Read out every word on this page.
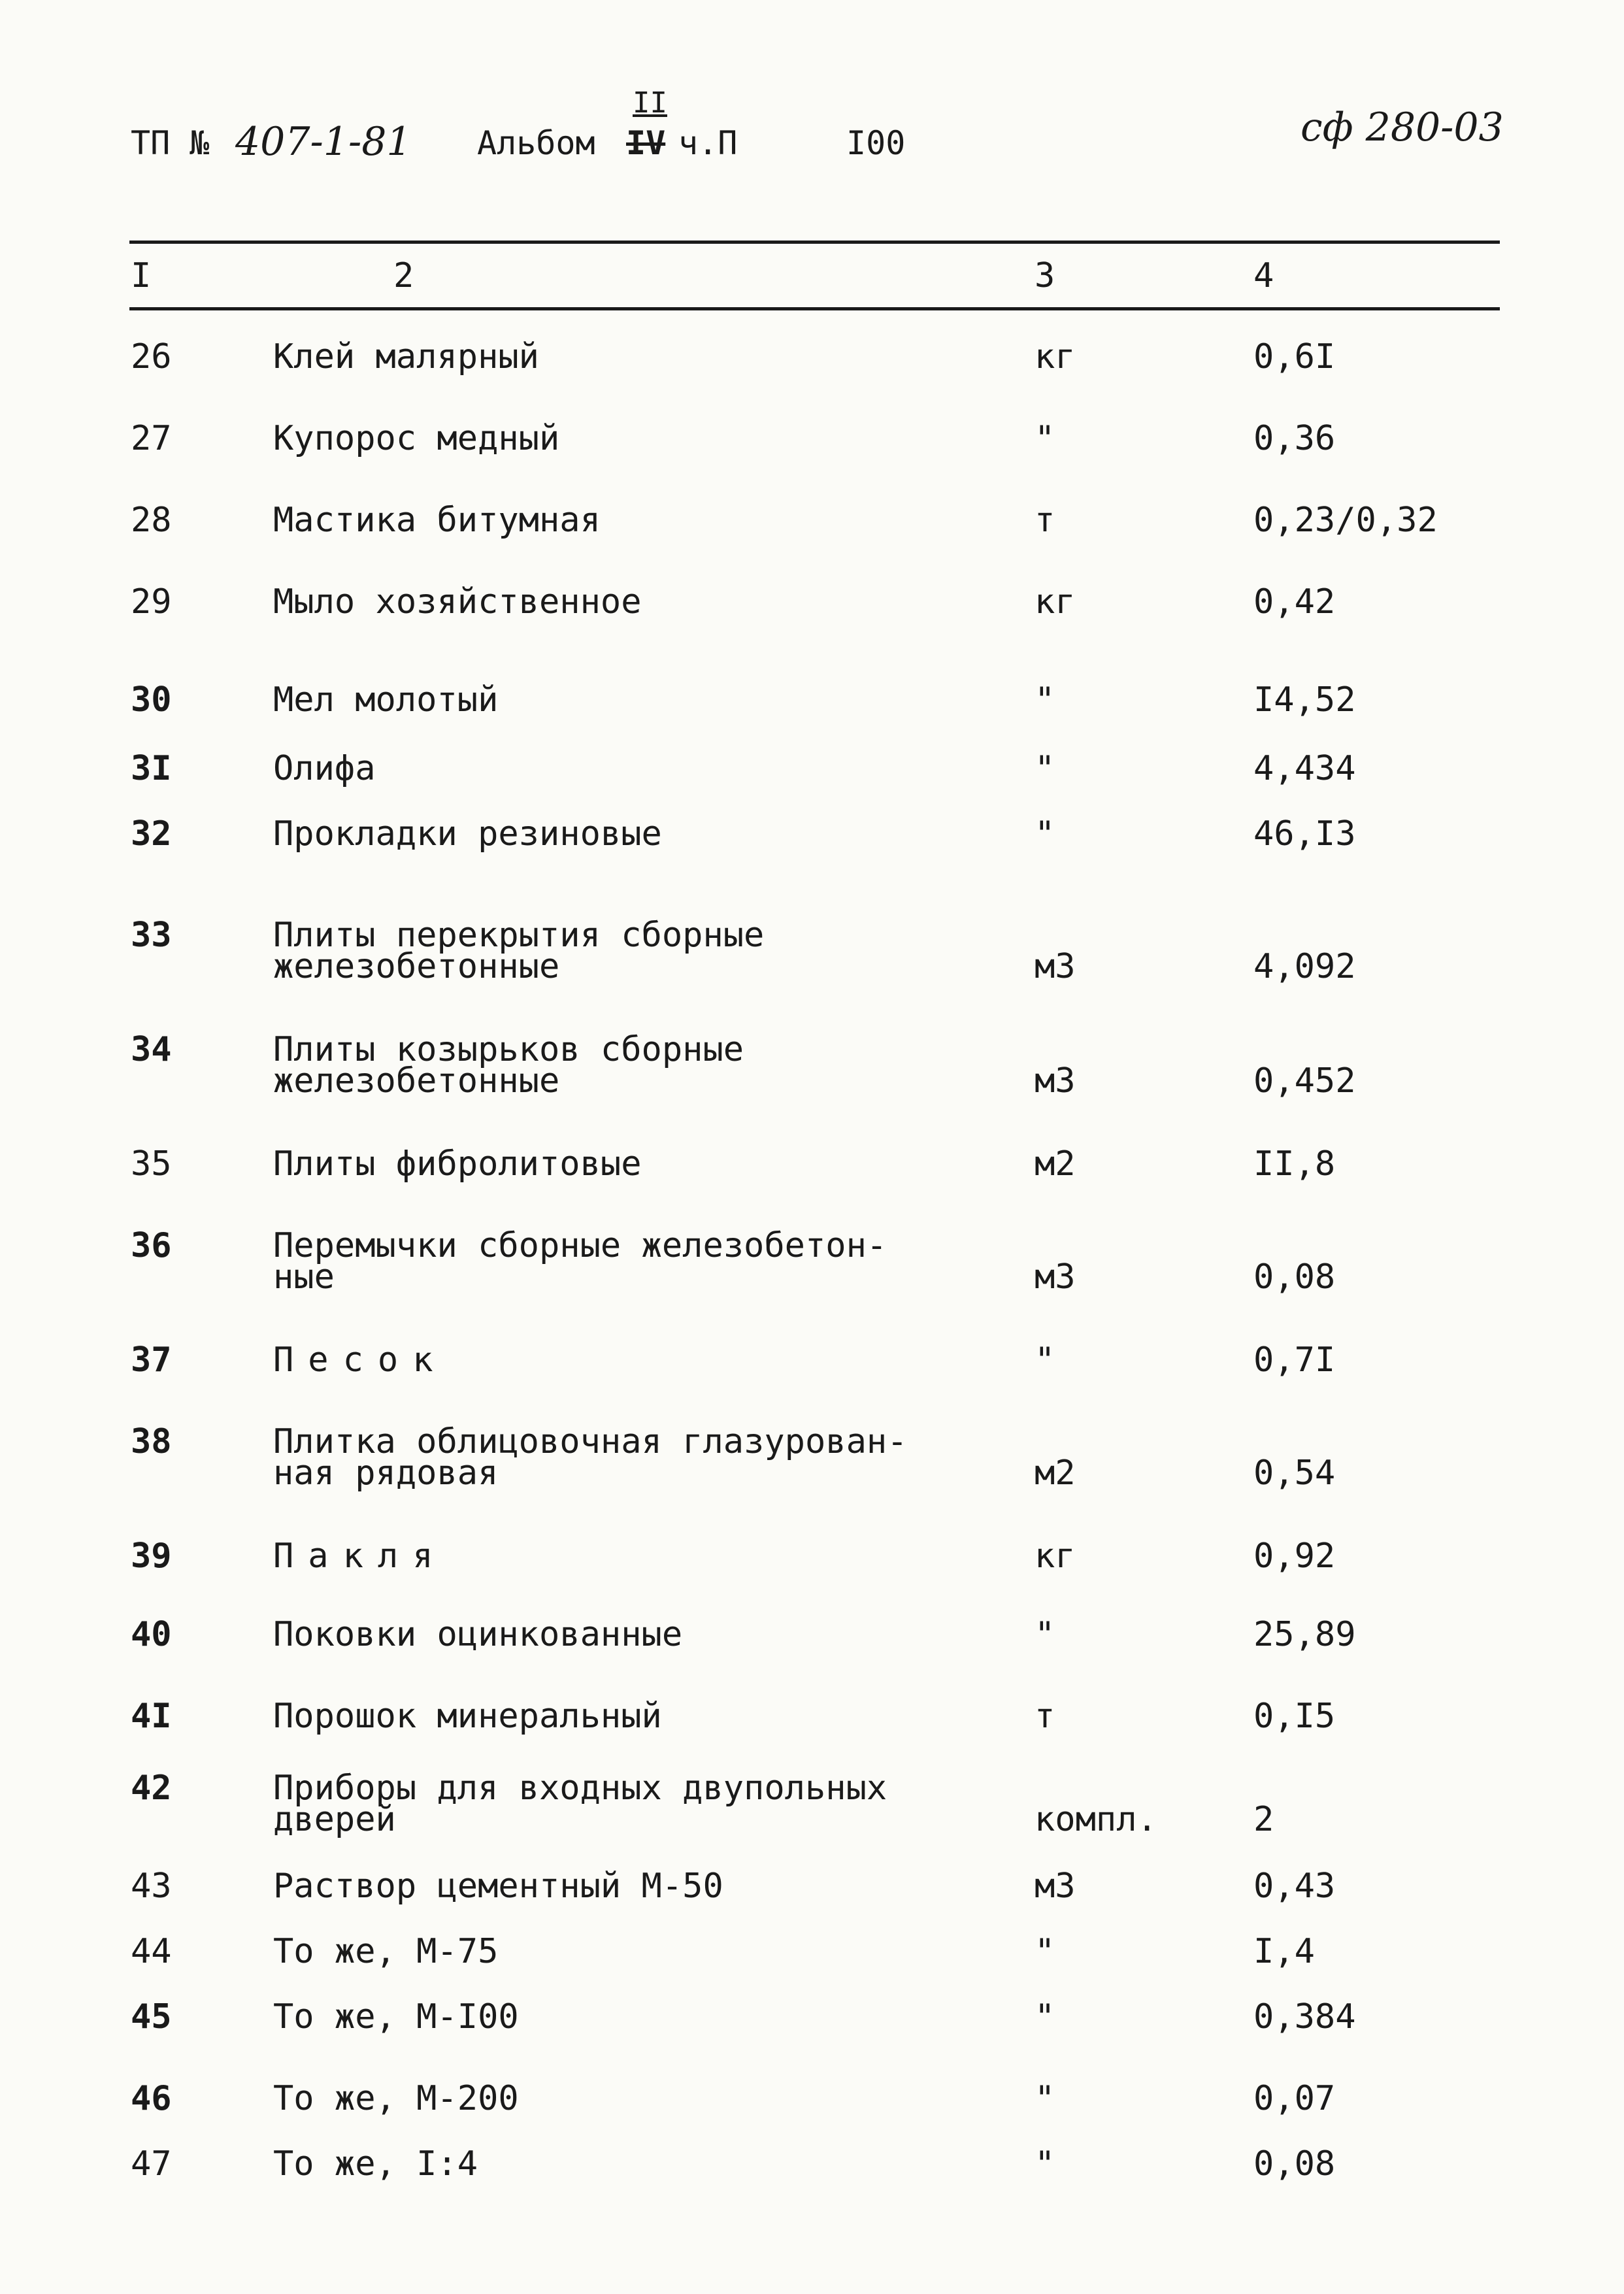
ТП № 407-1-81 Альбом
II
IV ч.П	I00	сф 280-03
I	2	3	4
26	Клей малярный	кг	0,6I
27	Купорос медный	"	0,36
28	Мастика битумная	т	0,23/0,32
29	Мыло хозяйственное	кг	0,42
30	Мел молотый	"	I4,52
3I	Олифа	"	4,434
32	Прокладки резиновые	"	46,I3
33	Плиты перекрытия сборные
железобетонные	м3	4,092
34	Плиты козырьков сборные
железобетонные	м3	0,452
35	Плиты фибролитовые	м2	II,8
36	Перемычки сборные железобетон-
ные	м3	0,08
37	Песок	"	0,7I
38	Плитка облицовочная глазурован-
ная рядовая	м2	0,54
39	Пакля	кг	0,92
40	Поковки оцинкованные	"	25,89
4I	Порошок минеральный	т	0,I5
42	Приборы для входных двупольных
дверей	компл.	2
43	Раствор цементный М-50	м3	0,43
44	То же, М-75	"	I,4
45	То же, М-I00	"	0,384
46	То же, М-200	"	0,07
47	То же, I:4	"	0,08
